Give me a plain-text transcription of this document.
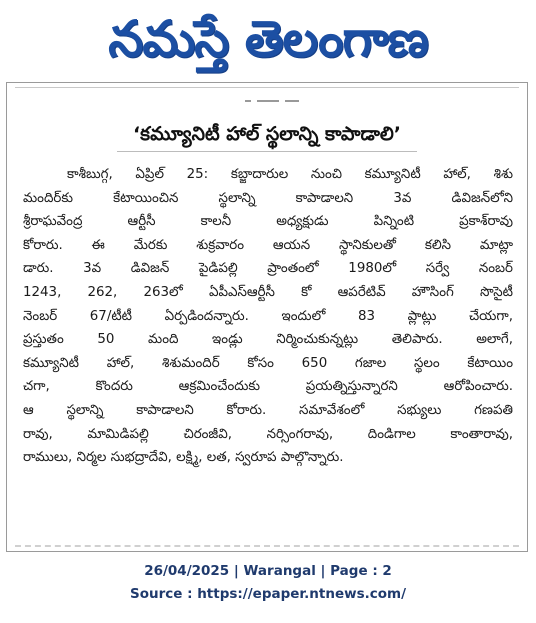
నమస్తే తెలంగాణ
‘కమ్యూనిటీ హాల్ స్థలాన్ని కాపాడాలి’
కాశీబుగ్గ, ఏప్రిల్ 25: కబ్జాదారుల నుంచి కమ్యూనిటీ హాల్, శిశు
మందిర్‌కు కేటాయించిన స్థలాన్ని కాపాడాలని 3వ డివిజన్‌లోని
శ్రీరాఘవేంద్ర ఆర్టీసీ కాలనీ అధ్యక్షుడు పిన్నింటి ప్రకాశ్‌రావు
కోరారు. ఈ మేరకు శుక్రవారం ఆయన స్థానికులతో కలిసి మాట్లా
డారు. 3వ డివిజన్ పైడిపల్లి ప్రాంతంలో 1980లో సర్వే నంబర్
1243, 262, 263లో ఏపీఎస్ఆర్టీసీ కో ఆపరేటివ్ హౌసింగ్ సొసైటీ
నెంబర్ 67/టీటీ ఏర్పడిందన్నారు. ఇందులో 83 ప్లాట్లు చేయగా,
ప్రస్తుతం 50 మంది ఇండ్లు నిర్మించుకున్నట్లు తెలిపారు. అలాగే,
కమ్యూనిటీ హాల్, శిశుమందిర్ కోసం 650 గజాల స్థలం కేటాయిం
చగా, కొందరు ఆక్రమించేందుకు ప్రయత్నిస్తున్నారని ఆరోపించారు.
ఆ స్థలాన్ని కాపాడాలని కోరారు. సమావేశంలో సభ్యులు గణపతి
రావు, మామిడిపల్లి చిరంజీవి, నర్సింగరావు, దిండిగాల కాంతారావు,
రాములు, నిర్మల సుభద్రాదేవి, లక్ష్మి, లత, స్వరూప పాల్గొన్నారు.
26/04/2025 | Warangal | Page : 2
Source : https://epaper.ntnews.com/
